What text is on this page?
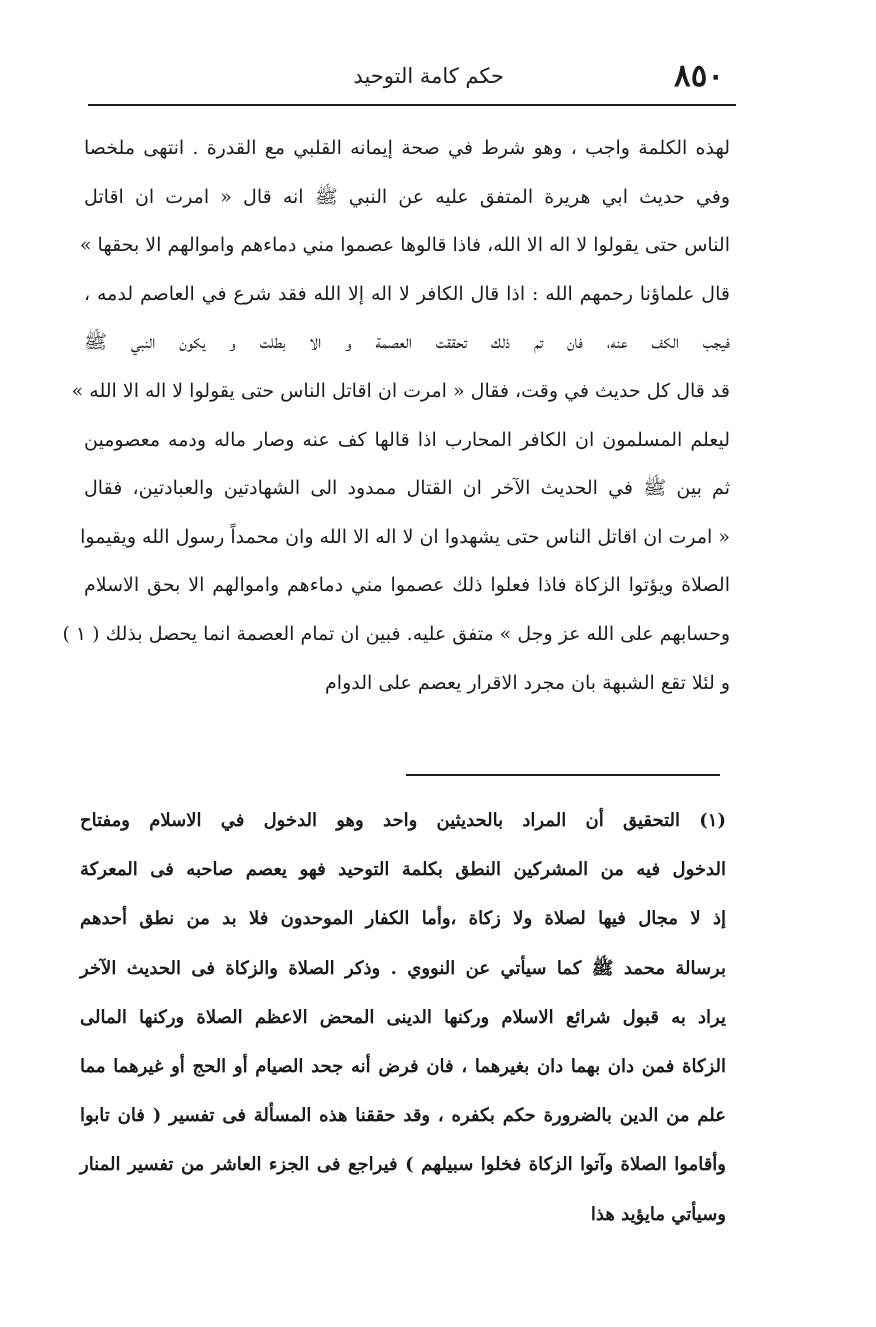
٨٥٠
حكم كامة التوحيد
لهذه الكلمة واجب ، وهو شرط في صحة إيمانه القلبي مع القدرة . انتهى ملخصا
وفي حديث ابي هريرة المتفق عليه عن النبي ﷺ انه قال « امرت ان اقاتل
الناس حتى يقولوا لا اله الا الله، فاذا قالوها عصموا مني دماءهم واموالهم الا بحقها »
قال علماؤنا رحمهم الله : اذا قال الكافر لا اله إلا الله فقد شرع في العاصم لدمه ،
فيجب الكف عنه، فان تم ذلك تحققت العصمة و الا بطلت و يكون النبي ﷺ
قد قال كل حديث في وقت، فقال « امرت ان اقاتل الناس حتى يقولوا لا اله الا الله »
ليعلم المسلمون ان الكافر المحارب اذا قالها كف عنه وصار ماله ودمه معصومين
ثم بين ﷺ في الحديث الآخر ان القتال ممدود الى الشهادتين والعبادتين، فقال
« امرت ان اقاتل الناس حتى يشهدوا ان لا اله الا الله وان محمداً رسول الله ويقيموا
الصلاة ويؤتوا الزكاة فاذا فعلوا ذلك عصموا مني دماءهم واموالهم الا بحق الاسلام
وحسابهم على الله عز وجل » متفق عليه. فبين ان تمام العصمة انما يحصل بذلك ( ١ )
و لئلا تقع الشبهة بان مجرد الاقرار يعصم على الدوام
(١) التحقيق أن المراد بالحديثين واحد وهو الدخول في الاسلام ومفتاح
الدخول فيه من المشركين النطق بكلمة التوحيد فهو يعصم صاحبه فى المعركة
إذ لا مجال فيها لصلاة ولا زكاة ،وأما الكفار الموحدون فلا بد من نطق أحدهم
برسالة محمد ﷺ كما سيأتي عن النووي . وذكر الصلاة والزكاة فى الحديث الآخر
يراد به قبول شرائع الاسلام وركنها الدينى المحض الاعظم الصلاة وركنها المالى
الزكاة فمن دان بهما دان بغيرهما ، فان فرض أنه جحد الصيام أو الحج أو غيرهما مما
علم من الدين بالضرورة حكم بكفره ، وقد حققنا هذه المسألة فى تفسير ( فان تابوا
وأقاموا الصلاة وآتوا الزكاة فخلوا سبيلهم ) فيراجع فى الجزء العاشر من تفسير المنار
وسيأتي مايؤيد هذا
